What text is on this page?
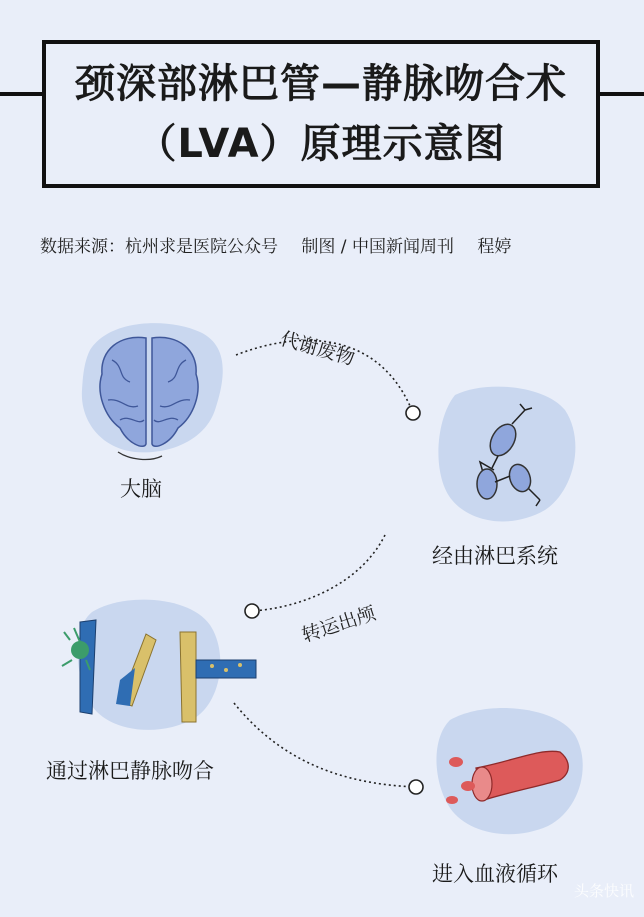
颈深部淋巴管—静脉吻合术
（LVA）原理示意图
数据来源：杭州求是医院公众号 制图 / 中国新闻周刊 程婷
大脑
经由淋巴系统
通过淋巴静脉吻合
进入血液循环
代谢废物
转运出颅
头条快讯
